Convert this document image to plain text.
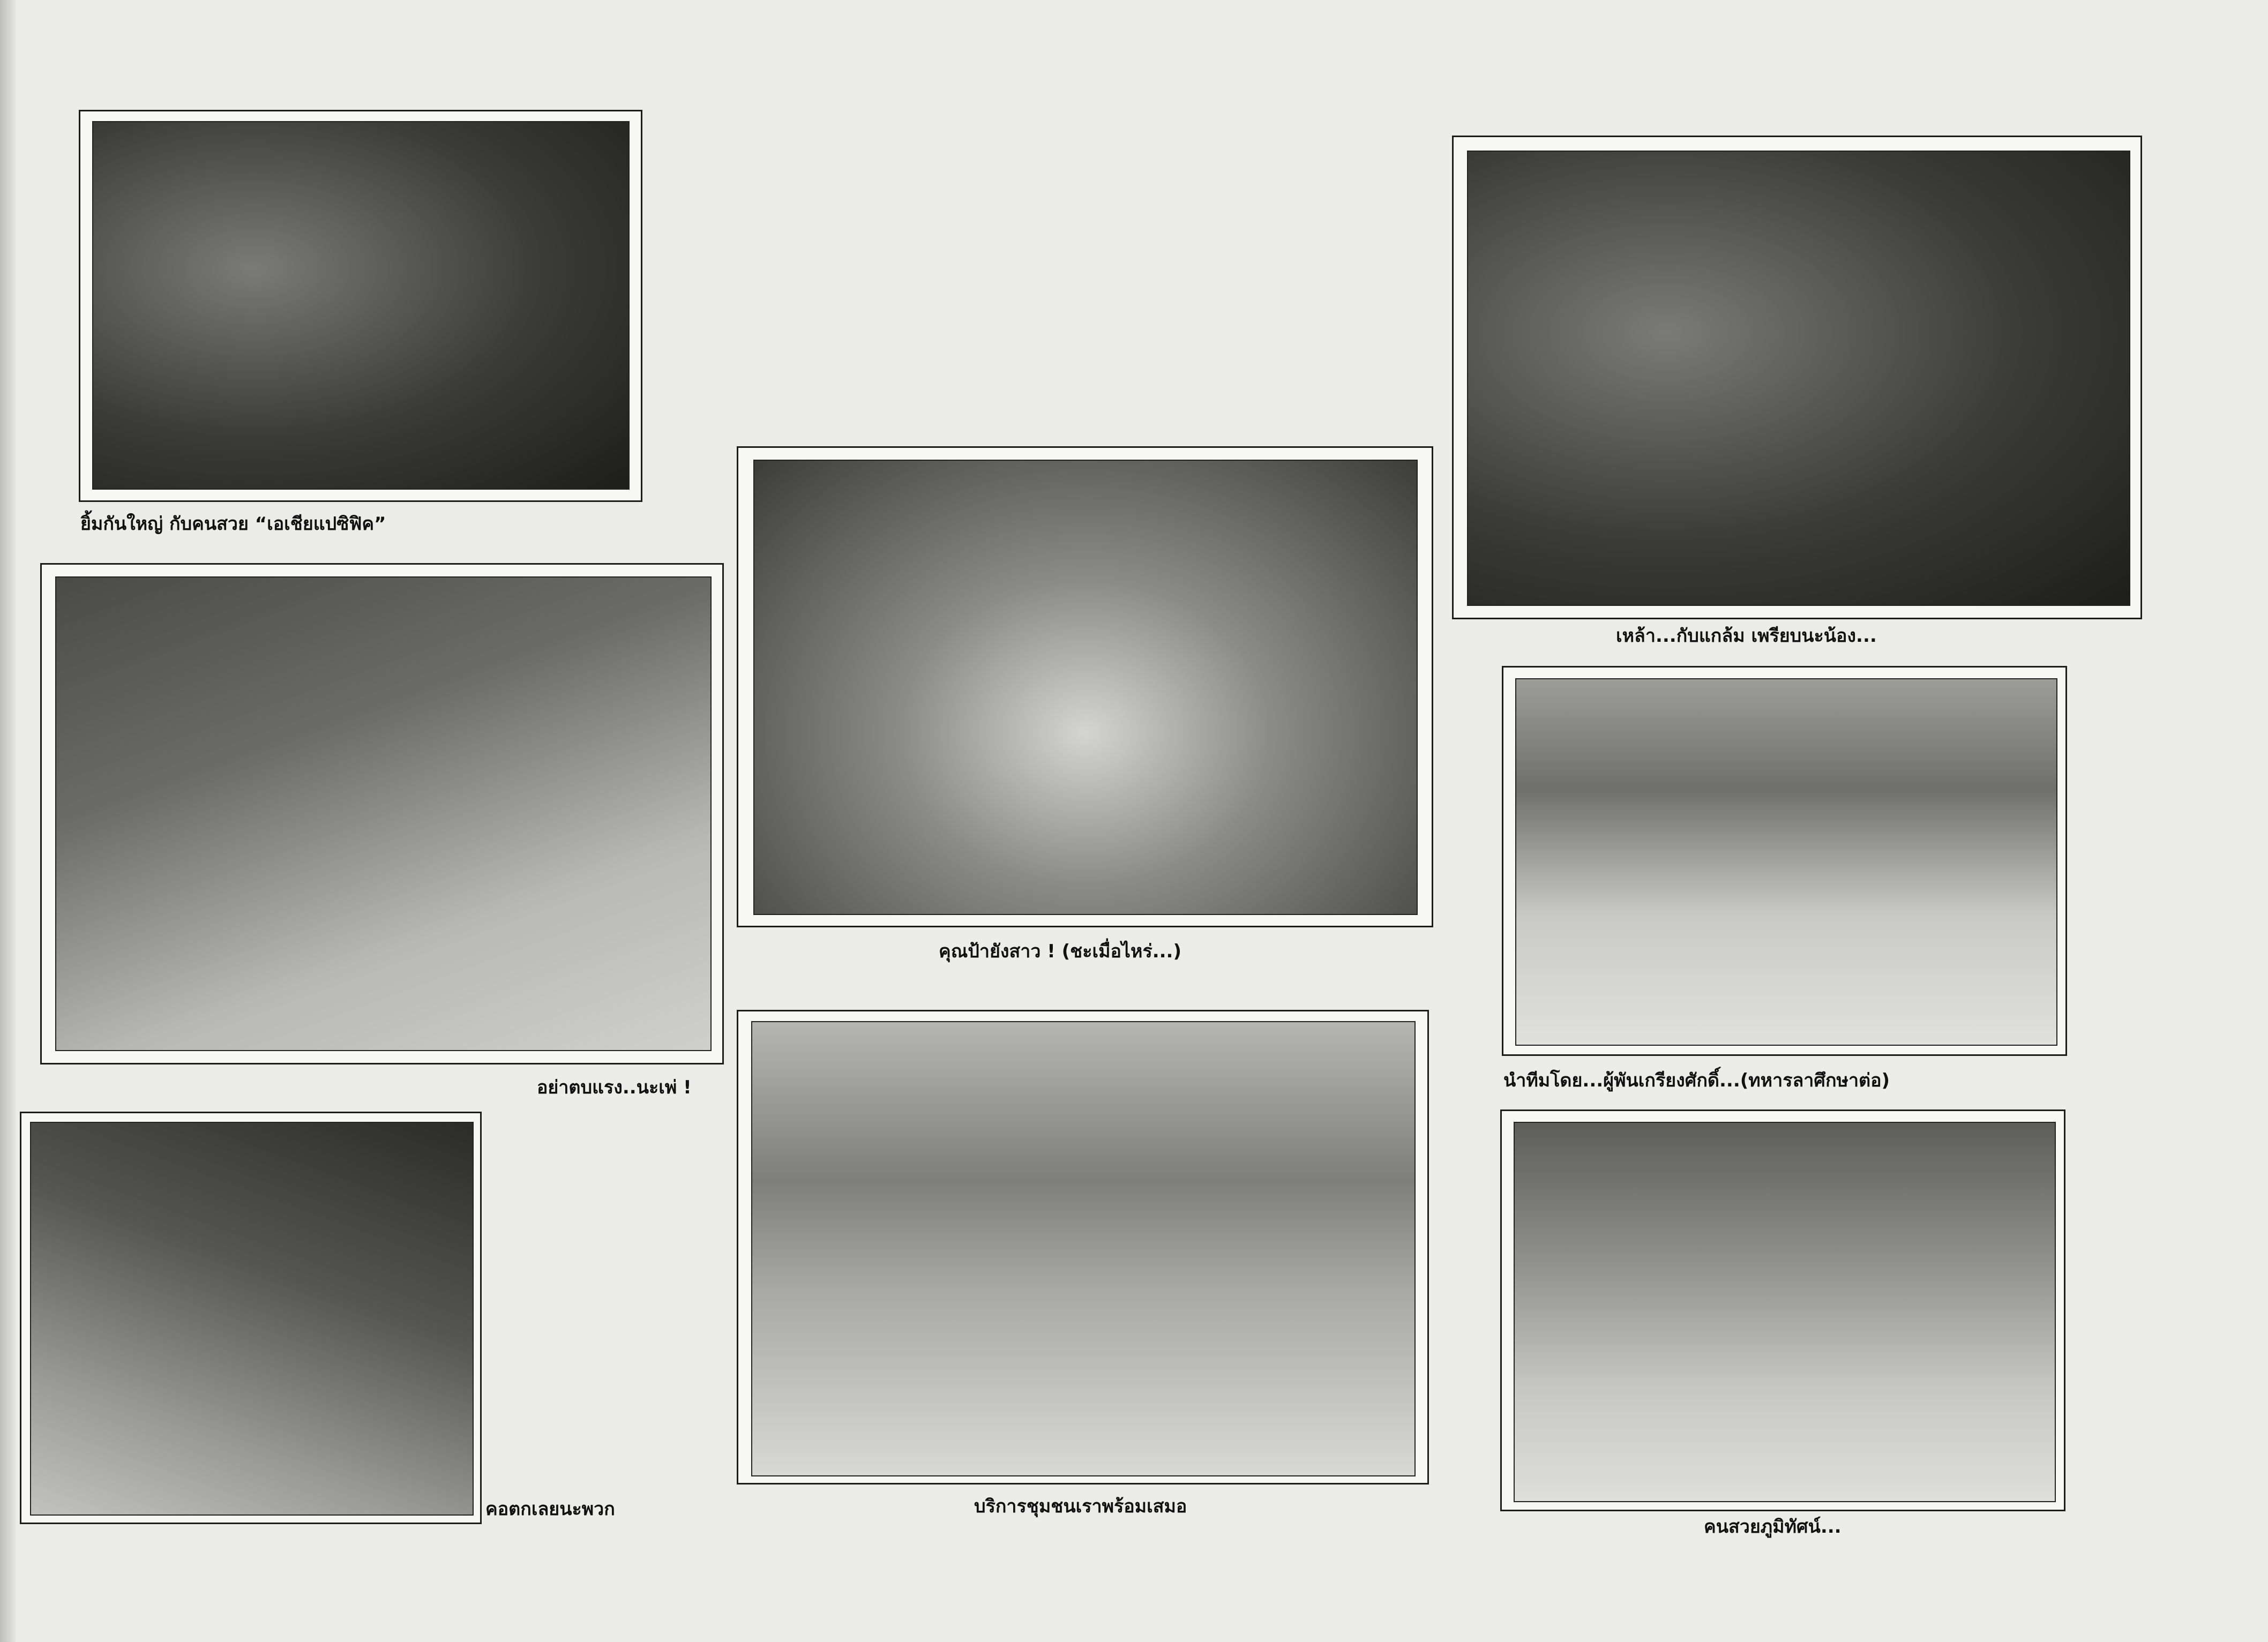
ยิ้มกันใหญ่ กับคนสวย “เอเชียแปซิฟิค”
อย่าตบแรง..นะเพ่ !
คอตกเลยนะพวก
คุณป้ายังสาว ! (ชะเมื่อไหร่...)
บริการชุมชนเราพร้อมเสมอ
เหล้า...กับแกล้ม เพรียบนะน้อง...
นำทีมโดย...ผู้พันเกรียงศักดิ์...(ทหารลาศึกษาต่อ)
คนสวยภูมิทัศน์...
